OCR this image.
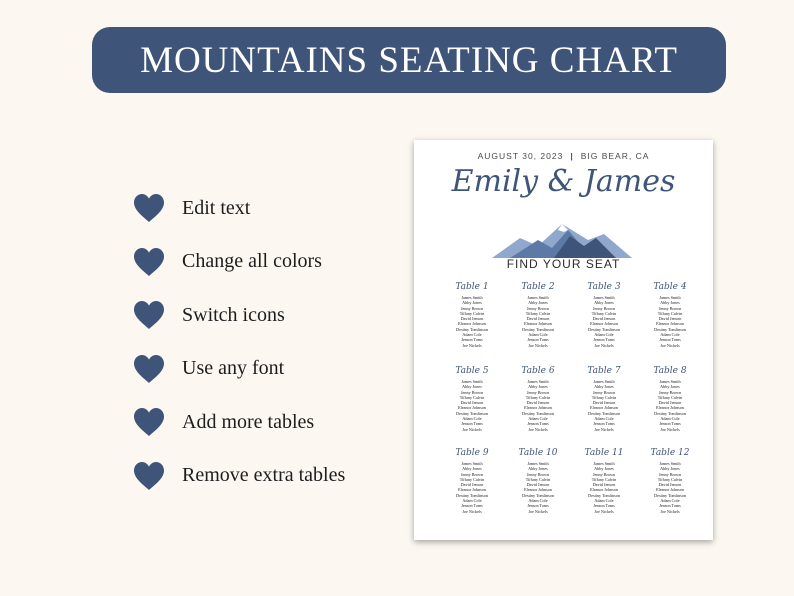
MOUNTAINS SEATING CHART
Edit text
Change all colors
Switch icons
Use any font
Add more tables
Remove extra tables
AUGUST 30, 2023 | BIG BEAR, CA
Emily & James
FIND YOUR SEAT
Table 1
James Smith
Abby Jones
Jenny Brown
Tiffany Calvin
David Jenson
Eleanor Johnson
Destiny Tomlinson
Adam Cole
Jenson Toms
Joe Nickels
Table 2
James Smith
Abby Jones
Jenny Brown
Tiffany Calvin
David Jenson
Eleanor Johnson
Destiny Tomlinson
Adam Cole
Jenson Toms
Joe Nickels
Table 3
James Smith
Abby Jones
Jenny Brown
Tiffany Calvin
David Jenson
Eleanor Johnson
Destiny Tomlinson
Adam Cole
Jenson Toms
Joe Nickels
Table 4
James Smith
Abby Jones
Jenny Brown
Tiffany Calvin
David Jenson
Eleanor Johnson
Destiny Tomlinson
Adam Cole
Jenson Toms
Joe Nickels
Table 5
James Smith
Abby Jones
Jenny Brown
Tiffany Calvin
David Jenson
Eleanor Johnson
Destiny Tomlinson
Adam Cole
Jenson Toms
Joe Nickels
Table 6
James Smith
Abby Jones
Jenny Brown
Tiffany Calvin
David Jenson
Eleanor Johnson
Destiny Tomlinson
Adam Cole
Jenson Toms
Joe Nickels
Table 7
James Smith
Abby Jones
Jenny Brown
Tiffany Calvin
David Jenson
Eleanor Johnson
Destiny Tomlinson
Adam Cole
Jenson Toms
Joe Nickels
Table 8
James Smith
Abby Jones
Jenny Brown
Tiffany Calvin
David Jenson
Eleanor Johnson
Destiny Tomlinson
Adam Cole
Jenson Toms
Joe Nickels
Table 9
James Smith
Abby Jones
Jenny Brown
Tiffany Calvin
David Jenson
Eleanor Johnson
Destiny Tomlinson
Adam Cole
Jenson Toms
Joe Nickels
Table 10
James Smith
Abby Jones
Jenny Brown
Tiffany Calvin
David Jenson
Eleanor Johnson
Destiny Tomlinson
Adam Cole
Jenson Toms
Joe Nickels
Table 11
James Smith
Abby Jones
Jenny Brown
Tiffany Calvin
David Jenson
Eleanor Johnson
Destiny Tomlinson
Adam Cole
Jenson Toms
Joe Nickels
Table 12
James Smith
Abby Jones
Jenny Brown
Tiffany Calvin
David Jenson
Eleanor Johnson
Destiny Tomlinson
Adam Cole
Jenson Toms
Joe Nickels
